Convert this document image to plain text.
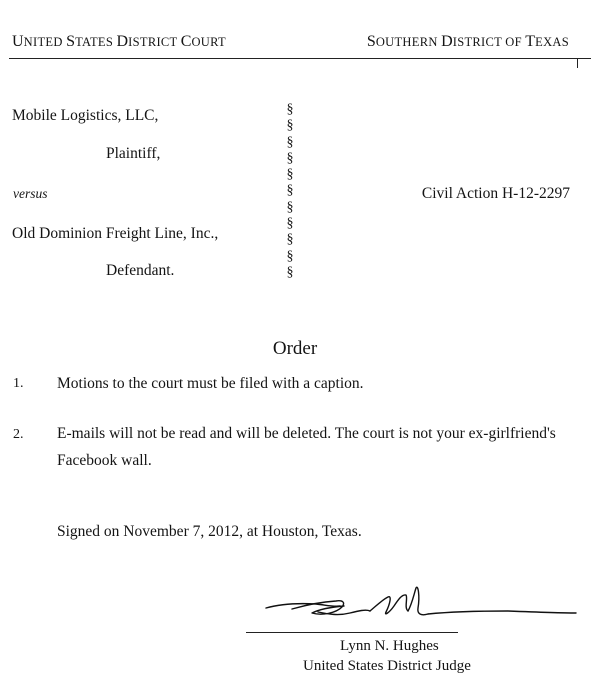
UNITED STATES DISTRICT COURT	SOUTHERN DISTRICT OF TEXAS
Mobile Logistics, LLC,
Plaintiff,
versus
Old Dominion Freight Line, Inc.,
Defendant.
§
§
§
§
§
§
§
§
§
§
§
Civil Action H-12-2297
Order
1. Motions to the court must be filed with a caption.
2. E-mails will not be read and will be deleted. The court is not your ex-girlfriend's
Facebook wall.
Signed on November 7, 2012, at Houston, Texas.
Lynn N. Hughes
United States District Judge
